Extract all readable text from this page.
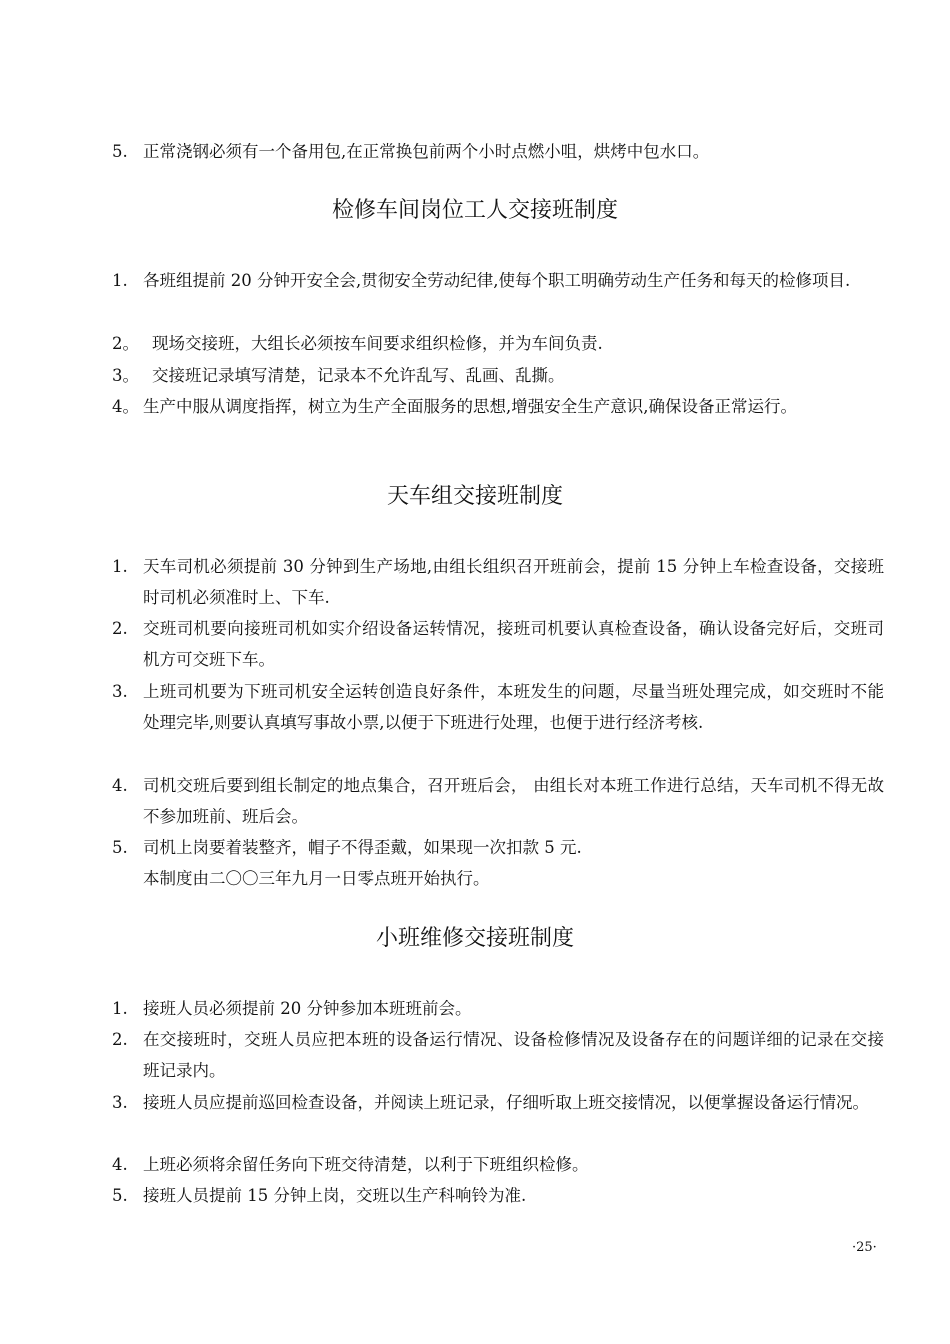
5. 正常浇钢必须有一个备用包,在正常换包前两个小时点燃小咀，烘烤中包水口。
检修车间岗位工人交接班制度
1. 各班组提前 20 分钟开安全会,贯彻安全劳动纪律,使每个职工明确劳动生产任务和每天的检修项目.
2。 现场交接班，大组长必须按车间要求组织检修，并为车间负责.
3。 交接班记录填写清楚，记录本不允许乱写、乱画、乱撕。
4。 生产中服从调度指挥，树立为生产全面服务的思想,增强安全生产意识,确保设备正常运行。
天车组交接班制度
1. 天车司机必须提前 30 分钟到生产场地,由组长组织召开班前会，提前 15 分钟上车检查设备，交接班时司机必须准时上、下车.
2. 交班司机要向接班司机如实介绍设备运转情况，接班司机要认真检查设备，确认设备完好后，交班司机方可交班下车。
3. 上班司机要为下班司机安全运转创造良好条件，本班发生的问题，尽量当班处理完成，如交班时不能处理完毕,则要认真填写事故小票,以便于下班进行处理，也便于进行经济考核.
4. 司机交班后要到组长制定的地点集合，召开班后会， 由组长对本班工作进行总结，天车司机不得无故不参加班前、班后会。
5. 司机上岗要着装整齐，帽子不得歪戴，如果现一次扣款 5 元.
本制度由二〇〇三年九月一日零点班开始执行。
小班维修交接班制度
1. 接班人员必须提前 20 分钟参加本班班前会。
2. 在交接班时，交班人员应把本班的设备运行情况、设备检修情况及设备存在的问题详细的记录在交接班记录内。
3. 接班人员应提前巡回检查设备，并阅读上班记录，仔细听取上班交接情况，以便掌握设备运行情况。
4. 上班必须将余留任务向下班交待清楚，以利于下班组织检修。
5. 接班人员提前 15 分钟上岗，交班以生产科响铃为准.
·25·
